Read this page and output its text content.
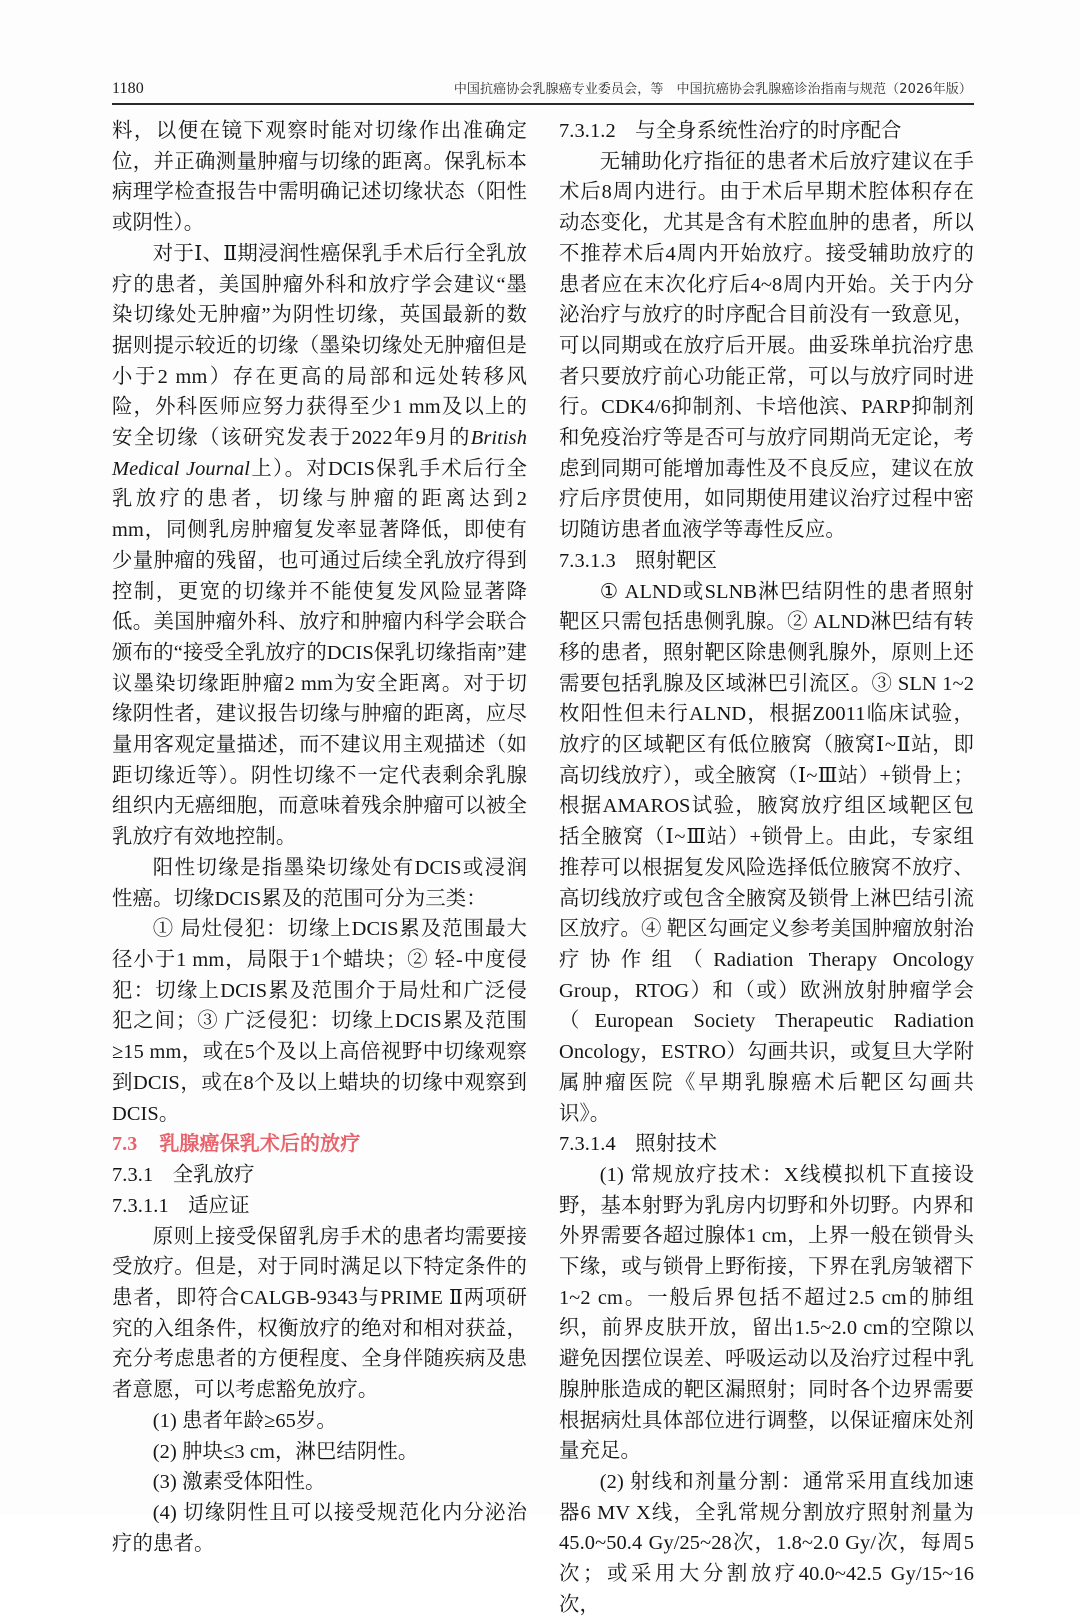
1180	中国抗癌协会乳腺癌专业委员会，等　中国抗癌协会乳腺癌诊治指南与规范（2026年版）

料，以便在镜下观察时能对切缘作出准确定位，并正确测量肿瘤与切缘的距离。保乳标本病理学检查报告中需明确记述切缘状态（阳性或阴性）。

对于Ⅰ、Ⅱ期浸润性癌保乳手术后行全乳放疗的患者，美国肿瘤外科和放疗学会建议“墨染切缘处无肿瘤”为阴性切缘，英国最新的数据则提示较近的切缘（墨染切缘处无肿瘤但是小于2 mm）存在更高的局部和远处转移风险，外科医师应努力获得至少1 mm及以上的安全切缘（该研究发表于2022年9月的British Medical Journal上）。对DCIS保乳手术后行全乳放疗的患者，切缘与肿瘤的距离达到2 mm，同侧乳房肿瘤复发率显著降低，即使有少量肿瘤的残留，也可通过后续全乳放疗得到控制，更宽的切缘并不能使复发风险显著降低。美国肿瘤外科、放疗和肿瘤内科学会联合颁布的“接受全乳放疗的DCIS保乳切缘指南”建议墨染切缘距肿瘤2 mm为安全距离。对于切缘阴性者，建议报告切缘与肿瘤的距离，应尽量用客观定量描述，而不建议用主观描述（如距切缘近等）。阴性切缘不一定代表剩余乳腺组织内无癌细胞，而意味着残余肿瘤可以被全乳放疗有效地控制。

阳性切缘是指墨染切缘处有DCIS或浸润性癌。切缘DCIS累及的范围可分为三类：

① 局灶侵犯：切缘上DCIS累及范围最大径小于1 mm，局限于1个蜡块；② 轻-中度侵犯：切缘上DCIS累及范围介于局灶和广泛侵犯之间；③ 广泛侵犯：切缘上DCIS累及范围≥15 mm，或在5个及以上高倍视野中切缘观察到DCIS，或在8个及以上蜡块的切缘中观察到DCIS。

7.3 乳腺癌保乳术后的放疗

7.3.1 全乳放疗

7.3.1.1 适应证

原则上接受保留乳房手术的患者均需要接受放疗。但是，对于同时满足以下特定条件的患者，即符合CALGB-9343与PRIME Ⅱ两项研究的入组条件，权衡放疗的绝对和相对获益，充分考虑患者的方便程度、全身伴随疾病及患者意愿，可以考虑豁免放疗。

(1) 患者年龄≥65岁。

(2) 肿块≤3 cm，淋巴结阴性。

(3) 激素受体阳性。

(4) 切缘阴性且可以接受规范化内分泌治疗的患者。

7.3.1.2 与全身系统性治疗的时序配合

无辅助化疗指征的患者术后放疗建议在手术后8周内进行。由于术后早期术腔体积存在动态变化，尤其是含有术腔血肿的患者，所以不推荐术后4周内开始放疗。接受辅助放疗的患者应在末次化疗后4~8周内开始。关于内分泌治疗与放疗的时序配合目前没有一致意见，可以同期或在放疗后开展。曲妥珠单抗治疗患者只要放疗前心功能正常，可以与放疗同时进行。CDK4/6抑制剂、卡培他滨、PARP抑制剂和免疫治疗等是否可与放疗同期尚无定论，考虑到同期可能增加毒性及不良反应，建议在放疗后序贯使用，如同期使用建议治疗过程中密切随访患者血液学等毒性反应。

7.3.1.3 照射靶区

① ALND或SLNB淋巴结阴性的患者照射靶区只需包括患侧乳腺。② ALND淋巴结有转移的患者，照射靶区除患侧乳腺外，原则上还需要包括乳腺及区域淋巴引流区。③ SLN 1~2枚阳性但未行ALND，根据Z0011临床试验，放疗的区域靶区有低位腋窝（腋窝Ⅰ~Ⅱ站，即高切线放疗），或全腋窝（Ⅰ~Ⅲ站）+锁骨上；根据AMAROS试验，腋窝放疗组区域靶区包括全腋窝（Ⅰ~Ⅲ站）+锁骨上。由此，专家组推荐可以根据复发风险选择低位腋窝不放疗、高切线放疗或包含全腋窝及锁骨上淋巴结引流区放疗。④ 靶区勾画定义参考美国肿瘤放射治疗协作组（Radiation Therapy Oncology Group，RTOG）和（或）欧洲放射肿瘤学会（European Society Therapeutic Radiation Oncology，ESTRO）勾画共识，或复旦大学附属肿瘤医院《早期乳腺癌术后靶区勾画共识》。

7.3.1.4 照射技术

(1) 常规放疗技术：X线模拟机下直接设野，基本射野为乳房内切野和外切野。内界和外界需要各超过腺体1 cm，上界一般在锁骨头下缘，或与锁骨上野衔接，下界在乳房皱褶下1~2 cm。一般后界包括不超过2.5 cm的肺组织，前界皮肤开放，留出1.5~2.0 cm的空隙以避免因摆位误差、呼吸运动以及治疗过程中乳腺肿胀造成的靶区漏照射；同时各个边界需要根据病灶具体部位进行调整，以保证瘤床处剂量充足。

(2) 射线和剂量分割：通常采用直线加速器6 MV X线，全乳常规分割放疗照射剂量为45.0~50.4 Gy/25~28次，1.8~2.0 Gy/次，每周5次；或采用大分割放疗40.0~42.5 Gy/15~16次，
